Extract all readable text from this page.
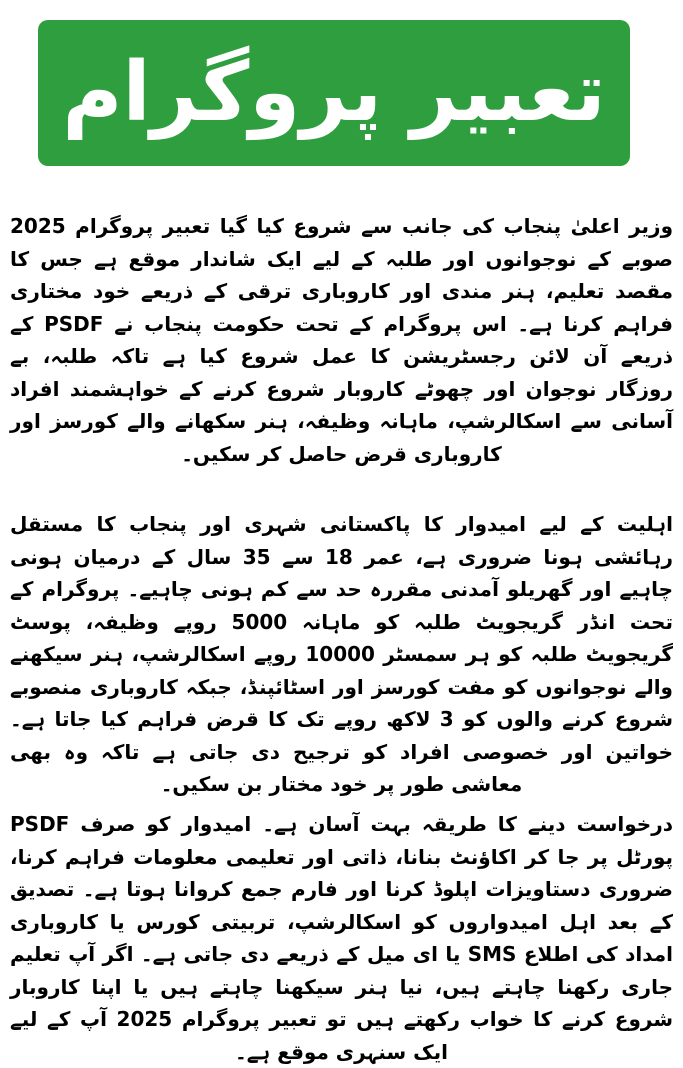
تعبیر پروگرام

وزیر اعلیٰ پنجاب کی جانب سے شروع کیا گیا تعبیر پروگرام 2025 صوبے کے نوجوانوں اور طلبہ کے لیے ایک شاندار موقع ہے جس کا مقصد تعلیم، ہنر مندی اور کاروباری ترقی کے ذریعے خود مختاری فراہم کرنا ہے۔ اس پروگرام کے تحت حکومت پنجاب نے PSDF کے ذریعے آن لائن رجسٹریشن کا عمل شروع کیا ہے تاکہ طلبہ، بے روزگار نوجوان اور چھوٹے کاروبار شروع کرنے کے خواہشمند افراد آسانی سے اسکالرشپ، ماہانہ وظیفہ، ہنر سکھانے والے کورسز اور کاروباری قرض حاصل کر سکیں۔

اہلیت کے لیے امیدوار کا پاکستانی شہری اور پنجاب کا مستقل رہائشی ہونا ضروری ہے، عمر 18 سے 35 سال کے درمیان ہونی چاہیے اور گھریلو آمدنی مقررہ حد سے کم ہونی چاہیے۔ پروگرام کے تحت انڈر گریجویٹ طلبہ کو ماہانہ 5000 روپے وظیفہ، پوسٹ گریجویٹ طلبہ کو ہر سمسٹر 10000 روپے اسکالرشپ، ہنر سیکھنے والے نوجوانوں کو مفت کورسز اور اسٹائپنڈ، جبکہ کاروباری منصوبے شروع کرنے والوں کو 3 لاکھ روپے تک کا قرض فراہم کیا جاتا ہے۔ خواتین اور خصوصی افراد کو ترجیح دی جاتی ہے تاکہ وہ بھی معاشی طور پر خود مختار بن سکیں۔

درخواست دینے کا طریقہ بہت آسان ہے۔ امیدوار کو صرف PSDF پورٹل پر جا کر اکاؤنٹ بنانا، ذاتی اور تعلیمی معلومات فراہم کرنا، ضروری دستاویزات اپلوڈ کرنا اور فارم جمع کروانا ہوتا ہے۔ تصدیق کے بعد اہل امیدواروں کو اسکالرشپ، تربیتی کورس یا کاروباری امداد کی اطلاع SMS یا ای میل کے ذریعے دی جاتی ہے۔ اگر آپ تعلیم جاری رکھنا چاہتے ہیں، نیا ہنر سیکھنا چاہتے ہیں یا اپنا کاروبار شروع کرنے کا خواب رکھتے ہیں تو تعبیر پروگرام 2025 آپ کے لیے ایک سنہری موقع ہے۔
